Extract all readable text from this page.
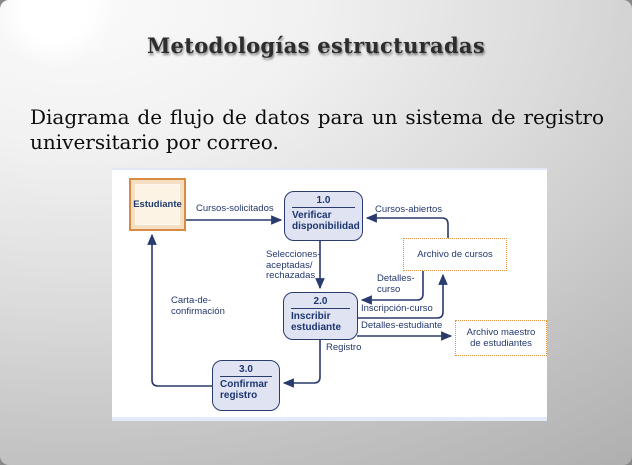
Metodologías estructuradas
Diagrama de flujo de datos para un sistema de registro
universitario por correo.
Estudiante	1.0
Verificar
disponibilidad
2.0
Inscribir
estudiante
3.0
Confirmar
registro
Archivo de cursos
Archivo maestro
de estudiantes
Cursos-solicitados	Cursos-abiertos
Selecciones-
aceptadas/
rechazadas	Detalles-
curso
Inscripción-curso
Detalles-estudiante
Registro
Carta-de-
confirmación
